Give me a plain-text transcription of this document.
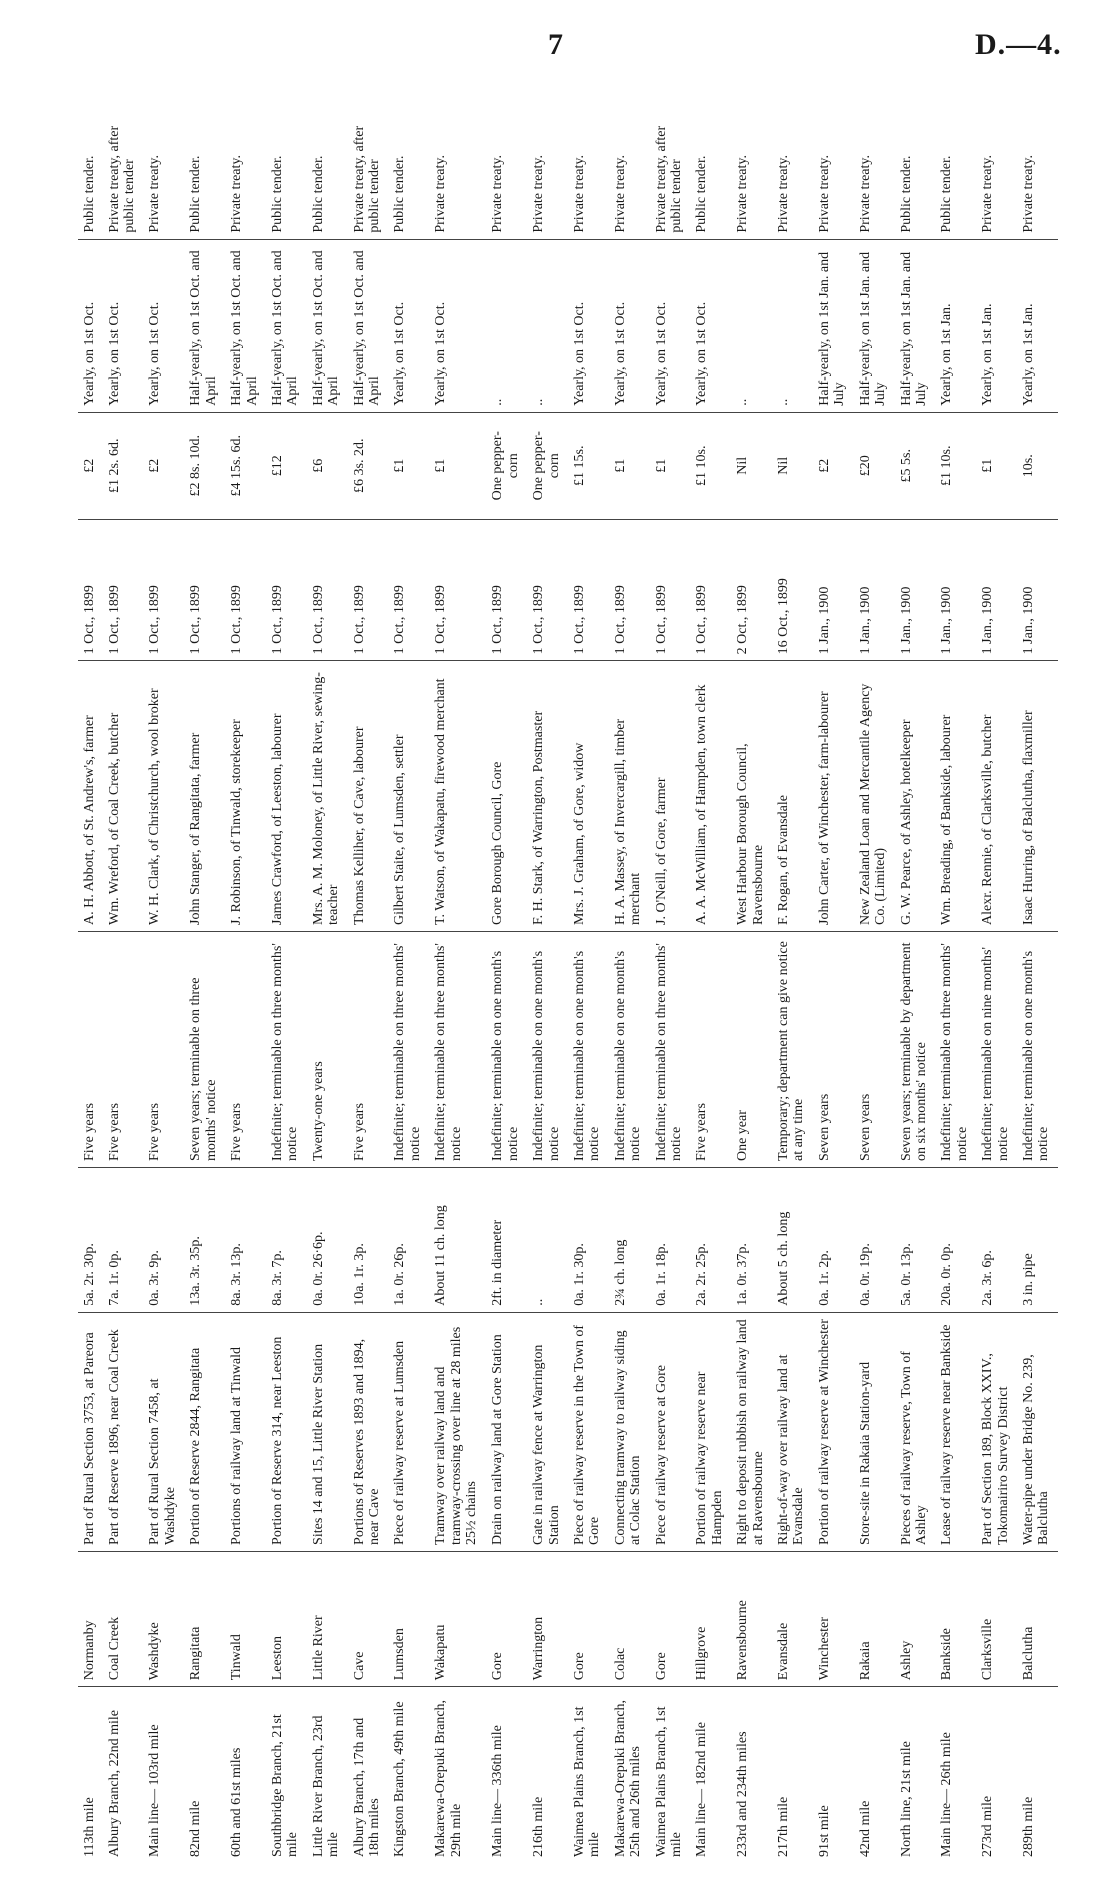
7	D.—4.
113th mile	Normanby	Part of Rural Section 3753, at Pareora	5a. 2r. 30p.	Five years	A. H. Abbott, of St. Andrew's, farmer	1 Oct., 1899	£2	Yearly, on 1st Oct.	Public tender.
Albury Branch, 22nd mile	Coal Creek	Part of Reserve 1896, near Coal Creek	7a. 1r. 0p.	Five years	Wm. Wreford, of Coal Creek, butcher	1 Oct., 1899	£1 2s. 6d.	Yearly, on 1st Oct.	Private treaty, after public tender
Main line— 103rd mile	Washdyke	Part of Rural Section 7458, at Washdyke	0a. 3r. 9p.	Five years	W. H. Clark, of Christchurch, wool broker	1 Oct., 1899	£2	Yearly, on 1st Oct.	Private treaty.
82nd mile	Rangitata	Portion of Reserve 2844, Rangitata	13a. 3r. 35p.	Seven years; terminable on three months' notice	John Stanger, of Rangitata, farmer	1 Oct., 1899	£2 8s. 10d.	Half-yearly, on 1st Oct. and April	Public tender.
60th and 61st miles	Tinwald	Portions of railway land at Tinwald	8a. 3r. 13p.	Five years	J. Robinson, of Tinwald, storekeeper	1 Oct., 1899	£4 15s. 6d.	Half-yearly, on 1st Oct. and April	Private treaty.
Southbridge Branch, 21st mile	Leeston	Portion of Reserve 314, near Leeston	8a. 3r. 7p.	Indefinite; terminable on three months' notice	James Crawford, of Leeston, labourer	1 Oct., 1899	£12	Half-yearly, on 1st Oct. and April	Public tender.
Little River Branch, 23rd mile	Little River	Sites 14 and 15, Little River Station	0a. 0r. 26·6p.	Twenty-one years	Mrs. A. M. Moloney, of Little River, sewing-teacher	1 Oct., 1899	£6	Half-yearly, on 1st Oct. and April	Public tender.
Albury Branch, 17th and 18th miles	Cave	Portions of Reserves 1893 and 1894, near Cave	10a. 1r. 3p.	Five years	Thomas Kelliher, of Cave, labourer	1 Oct., 1899	£6 3s. 2d.	Half-yearly, on 1st Oct. and April	Private treaty, after public tender
Kingston Branch, 49th mile	Lumsden	Piece of railway reserve at Lumsden	1a. 0r. 26p.	Indefinite; terminable on three months' notice	Gilbert Staite, of Lumsden, settler	1 Oct., 1899	£1	Yearly, on 1st Oct.	Public tender.
Makarewa-Orepuki Branch, 29th mile	Wakapatu	Tramway over railway land and tramway-crossing over line at 28 miles 25½ chains	About 11 ch. long	Indefinite; terminable on three months' notice	T. Watson, of Wakapatu, firewood merchant	1 Oct., 1899	£1	Yearly, on 1st Oct.	Private treaty.
Main line— 336th mile	Gore	Drain on railway land at Gore Station	2ft. in diameter	Indefinite; terminable on one month's notice	Gore Borough Council, Gore	1 Oct., 1899	One pepper-corn	..	Private treaty.
216th mile	Warrington	Gate in railway fence at Warrington Station	..	Indefinite; terminable on one month's notice	F. H. Stark, of Warrington, Postmaster	1 Oct., 1899	One pepper-corn	..	Private treaty.
Waimea Plains Branch, 1st mile	Gore	Piece of railway reserve in the Town of Gore	0a. 1r. 30p.	Indefinite; terminable on one month's notice	Mrs. J. Graham, of Gore, widow	1 Oct., 1899	£1 15s.	Yearly, on 1st Oct.	Private treaty.
Makarewa-Orepuki Branch, 25th and 26th miles	Colac	Connecting tramway to railway siding at Colac Station	2¾ ch. long	Indefinite; terminable on one month's notice	H. A. Massey, of Invercargill, timber merchant	1 Oct., 1899	£1	Yearly, on 1st Oct.	Private treaty.
Waimea Plains Branch, 1st mile	Gore	Piece of railway reserve at Gore	0a. 1r. 18p.	Indefinite; terminable on three months' notice	J. O'Neill, of Gore, farmer	1 Oct., 1899	£1	Yearly, on 1st Oct.	Private treaty, after public tender
Main line— 182nd mile	Hillgrove	Portion of railway reserve near Hampden	2a. 2r. 25p.	Five years	A. A. McWilliam, of Hampden, town clerk	1 Oct., 1899	£1 10s.	Yearly, on 1st Oct.	Public tender.
233rd and 234th miles	Ravensbourne	Right to deposit rubbish on railway land at Ravensbourne	1a. 0r. 37p.	One year	West Harbour Borough Council, Ravensbourne	2 Oct., 1899	Nil	..	Private treaty.
217th mile	Evansdale	Right-of-way over railway land at Evansdale	About 5 ch. long	Temporary; department can give notice at any time	F. Rogan, of Evansdale	16 Oct., 1899	Nil	..	Private treaty.
91st mile	Winchester	Portion of railway reserve at Winchester	0a. 1r. 2p.	Seven years	John Carter, of Winchester, farm-labourer	1 Jan., 1900	£2	Half-yearly, on 1st Jan. and July	Private treaty.
42nd mile	Rakaia	Store-site in Rakaia Station-yard	0a. 0r. 19p.	Seven years	New Zealand Loan and Mercantile Agency Co. (Limited)	1 Jan., 1900	£20	Half-yearly, on 1st Jan. and July	Private treaty.
North line, 21st mile	Ashley	Pieces of railway reserve, Town of Ashley	5a. 0r. 13p.	Seven years; terminable by department on six months' notice	G. W. Pearce, of Ashley, hotelkeeper	1 Jan., 1900	£5 5s.	Half-yearly, on 1st Jan. and July	Public tender.
Main line— 26th mile	Bankside	Lease of railway reserve near Bankside	20a. 0r. 0p.	Indefinite; terminable on three months' notice	Wm. Breading, of Bankside, labourer	1 Jan., 1900	£1 10s.	Yearly, on 1st Jan.	Public tender.
273rd mile	Clarksville	Part of Section 189, Block XXIV., Tokomairiro Survey District	2a. 3r. 6p.	Indefinite; terminable on nine months' notice	Alexr. Rennie, of Clarksville, butcher	1 Jan., 1900	£1	Yearly, on 1st Jan.	Private treaty.
289th mile	Balclutha	Water-pipe under Bridge No. 239, Balclutha	3 in. pipe	Indefinite; terminable on one month's notice	Isaac Hurring, of Balclutha, flaxmiller	1 Jan., 1900	10s.	Yearly, on 1st Jan.	Private treaty.
